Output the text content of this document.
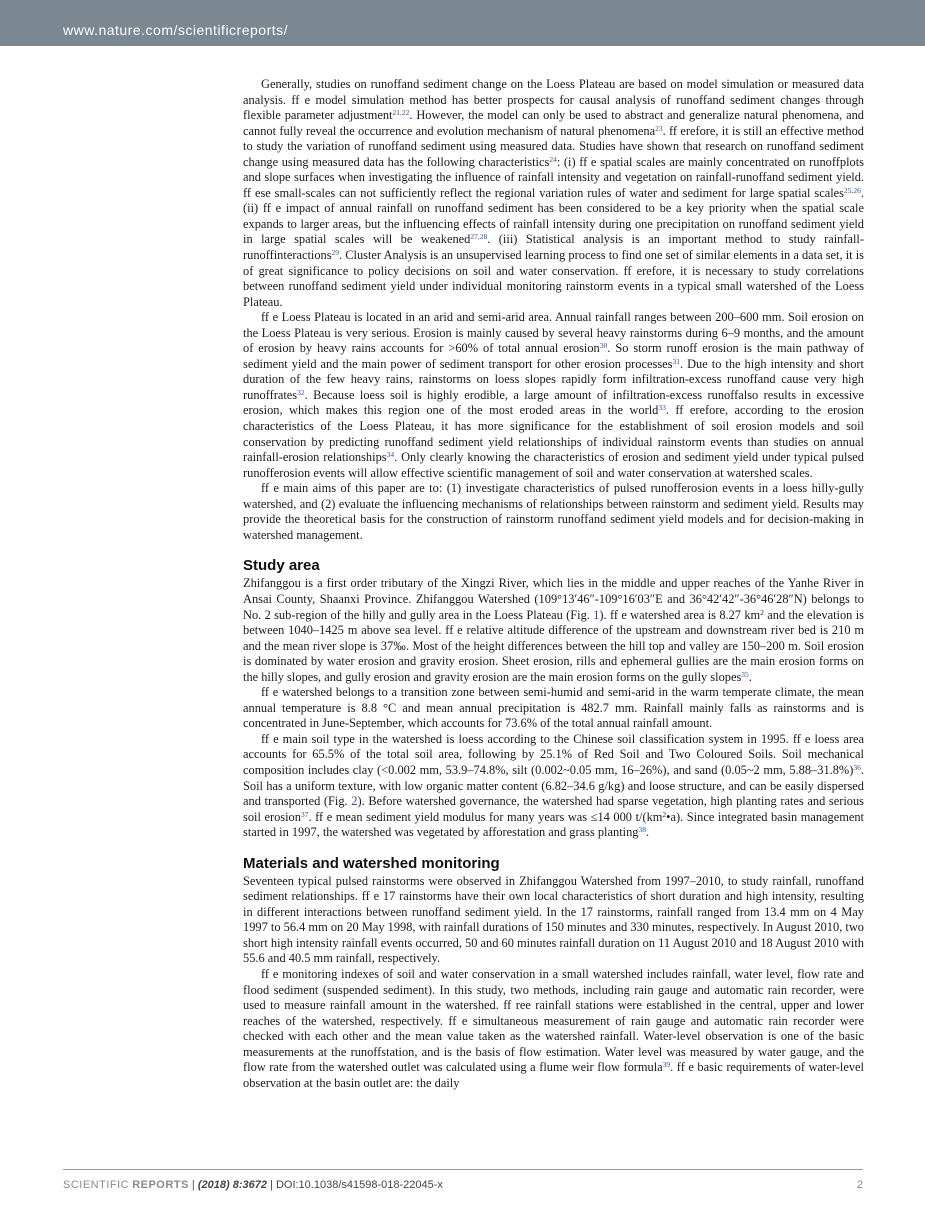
www.nature.com/scientificreports/

Generally, studies on runoffand sediment change on the Loess Plateau are based on model simulation or measured data analysis. ff e model simulation method has better prospects for causal analysis of runoffand sediment changes through flexible parameter adjustment$^{21,22}$. However, the model can only be used to abstract and generalize natural phenomena, and cannot fully reveal the occurrence and evolution mechanism of natural phenomena$^{23}$. ff erefore, it is still an effective method to study the variation of runoffand sediment using measured data. Studies have shown that research on runoffand sediment change using measured data has the following characteristics$^{24}$: (i) ff e spatial scales are mainly concentrated on runoffplots and slope surfaces when investigating the influence of rainfall intensity and vegetation on rainfall-runoffand sediment yield. ff ese small-scales can not sufficiently reflect the regional variation rules of water and sediment for large spatial scales$^{25,26}$. (ii) ff e impact of annual rainfall on runoffand sediment has been considered to be a key priority when the spatial scale expands to larger areas, but the influencing effects of rainfall intensity during one precipitation on runoffand sediment yield in large spatial scales will be weakened$^{27,28}$. (iii) Statistical analysis is an important method to study rainfall-runoffinteractions$^{29}$. Cluster Analysis is an unsupervised learning process to find one set of similar elements in a data set, it is of great significance to policy decisions on soil and water conservation. ff erefore, it is necessary to study correlations between runoffand sediment yield under individual monitoring rainstorm events in a typical small watershed of the Loess Plateau.

ff e Loess Plateau is located in an arid and semi-arid area. Annual rainfall ranges between 200–600 mm. Soil erosion on the Loess Plateau is very serious. Erosion is mainly caused by several heavy rainstorms during 6–9 months, and the amount of erosion by heavy rains accounts for >60% of total annual erosion$^{30}$. So storm runoff erosion is the main pathway of sediment yield and the main power of sediment transport for other erosion processes$^{31}$. Due to the high intensity and short duration of the few heavy rains, rainstorms on loess slopes rapidly form infiltration-excess runoffand cause very high runoffrates$^{32}$. Because loess soil is highly erodible, a large amount of infiltration-excess runoffalso results in excessive erosion, which makes this region one of the most eroded areas in the world$^{33}$. ff erefore, according to the erosion characteristics of the Loess Plateau, it has more significance for the establishment of soil erosion models and soil conservation by predicting runoffand sediment yield relationships of individual rainstorm events than studies on annual rainfall-erosion relationships$^{34}$. Only clearly knowing the characteristics of erosion and sediment yield under typical pulsed runofferosion events will allow effective scientific management of soil and water conservation at watershed scales.

ff e main aims of this paper are to: (1) investigate characteristics of pulsed runofferosion events in a loess hilly-gully watershed, and (2) evaluate the influencing mechanisms of relationships between rainstorm and sediment yield. Results may provide the theoretical basis for the construction of rainstorm runoffand sediment yield models and for decision-making in watershed management.

Study area

Zhifanggou is a first order tributary of the Xingzi River, which lies in the middle and upper reaches of the Yanhe River in Ansai County, Shaanxi Province. Zhifanggou Watershed (109°13′46″-109°16′03″E and 36°42′42″-36°46′28″N) belongs to No. 2 sub-region of the hilly and gully area in the Loess Plateau (Fig. 1). ff e watershed area is 8.27 $km^2$ and the elevation is between 1040–1425 m above sea level. ff e relative altitude difference of the upstream and downstream river bed is 210 m and the mean river slope is 37‰. Most of the height differences between the hill top and valley are 150–200 m. Soil erosion is dominated by water erosion and gravity erosion. Sheet erosion, rills and ephemeral gullies are the main erosion forms on the hilly slopes, and gully erosion and gravity erosion are the main erosion forms on the gully slopes$^{35}$.

ff e watershed belongs to a transition zone between semi-humid and semi-arid in the warm temperate climate, the mean annual temperature is 8.8 °C and mean annual precipitation is 482.7 mm. Rainfall mainly falls as rainstorms and is concentrated in June-September, which accounts for 73.6% of the total annual rainfall amount.

ff e main soil type in the watershed is loess according to the Chinese soil classification system in 1995. ff e loess area accounts for 65.5% of the total soil area, following by 25.1% of Red Soil and Two Coloured Soils. Soil mechanical composition includes clay (<0.002 mm, 53.9–74.8%, silt (0.002~0.05 mm, 16–26%), and sand (0.05~2 mm, 5.88–31.8%)$^{36}$. Soil has a uniform texture, with low organic matter content (6.82–34.6 g/kg) and loose structure, and can be easily dispersed and transported (Fig. 2). Before watershed governance, the watershed had sparse vegetation, high planting rates and serious soil erosion$^{37}$. ff e mean sediment yield modulus for many years was ≤14 000 $t/(km^2•a)$. Since integrated basin management started in 1997, the watershed was vegetated by afforestation and grass planting$^{38}$.

Materials and watershed monitoring

Seventeen typical pulsed rainstorms were observed in Zhifanggou Watershed from 1997–2010, to study rainfall, runoffand sediment relationships. ff e 17 rainstorms have their own local characteristics of short duration and high intensity, resulting in different interactions between runoffand sediment yield. In the 17 rainstorms, rainfall ranged from 13.4 mm on 4 May 1997 to 56.4 mm on 20 May 1998, with rainfall durations of 150 minutes and 330 minutes, respectively. In August 2010, two short high intensity rainfall events occurred, 50 and 60 minutes rainfall duration on 11 August 2010 and 18 August 2010 with 55.6 and 40.5 mm rainfall, respectively.

ff e monitoring indexes of soil and water conservation in a small watershed includes rainfall, water level, flow rate and flood sediment (suspended sediment). In this study, two methods, including rain gauge and automatic rain recorder, were used to measure rainfall amount in the watershed. ff ree rainfall stations were established in the central, upper and lower reaches of the watershed, respectively. ff e simultaneous measurement of rain gauge and automatic rain recorder were checked with each other and the mean value taken as the watershed rainfall. Water-level observation is one of the basic measurements at the runoffstation, and is the basis of flow estimation. Water level was measured by water gauge, and the flow rate from the watershed outlet was calculated using a flume weir flow formula$^{39}$. ff e basic requirements of water-level observation at the basin outlet are: the daily

SCIENTIFIC REPORTS | (2018) 8:3672 | DOI:10.1038/s41598-018-22045-x	2
